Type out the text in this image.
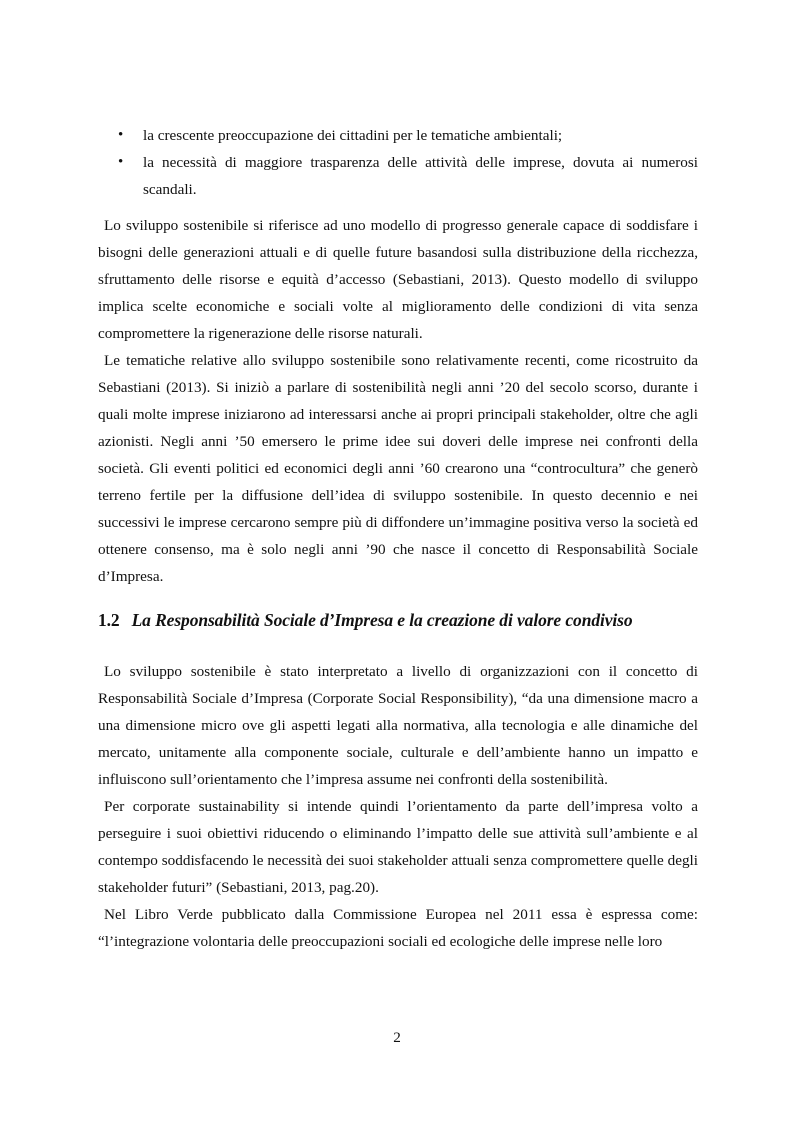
• la crescente preoccupazione dei cittadini per le tematiche ambientali;
• la necessità di maggiore trasparenza delle attività delle imprese, dovuta ai numerosi scandali.

Lo sviluppo sostenibile si riferisce ad uno modello di progresso generale capace di soddisfare i bisogni delle generazioni attuali e di quelle future basandosi sulla distribuzione della ricchezza, sfruttamento delle risorse e equità d’accesso (Sebastiani, 2013). Questo modello di sviluppo implica scelte economiche e sociali volte al miglioramento delle condizioni di vita senza compromettere la rigenerazione delle risorse naturali.

Le tematiche relative allo sviluppo sostenibile sono relativamente recenti, come ricostruito da Sebastiani (2013). Si iniziò a parlare di sostenibilità negli anni ’20 del secolo scorso, durante i quali molte imprese iniziarono ad interessarsi anche ai propri principali stakeholder, oltre che agli azionisti. Negli anni ’50 emersero le prime idee sui doveri delle imprese nei confronti della società. Gli eventi politici ed economici degli anni ’60 crearono una “controcultura” che generò terreno fertile per la diffusione dell’idea di sviluppo sostenibile. In questo decennio e nei successivi le imprese cercarono sempre più di diffondere un’immagine positiva verso la società ed ottenere consenso, ma è solo negli anni ’90 che nasce il concetto di Responsabilità Sociale d’Impresa.

1.2 La Responsabilità Sociale d’Impresa e la creazione di valore condiviso

Lo sviluppo sostenibile è stato interpretato a livello di organizzazioni con il concetto di Responsabilità Sociale d’Impresa (Corporate Social Responsibility), “da una dimensione macro a una dimensione micro ove gli aspetti legati alla normativa, alla tecnologia e alle dinamiche del mercato, unitamente alla componente sociale, culturale e dell’ambiente hanno un impatto e influiscono sull’orientamento che l’impresa assume nei confronti della sostenibilità.

Per corporate sustainability si intende quindi l’orientamento da parte dell’impresa volto a perseguire i suoi obiettivi riducendo o eliminando l’impatto delle sue attività sull’ambiente e al contempo soddisfacendo le necessità dei suoi stakeholder attuali senza compromettere quelle degli stakeholder futuri” (Sebastiani, 2013, pag.20).

Nel Libro Verde pubblicato dalla Commissione Europea nel 2011 essa è espressa come: “l’integrazione volontaria delle preoccupazioni sociali ed ecologiche delle imprese nelle loro

2
